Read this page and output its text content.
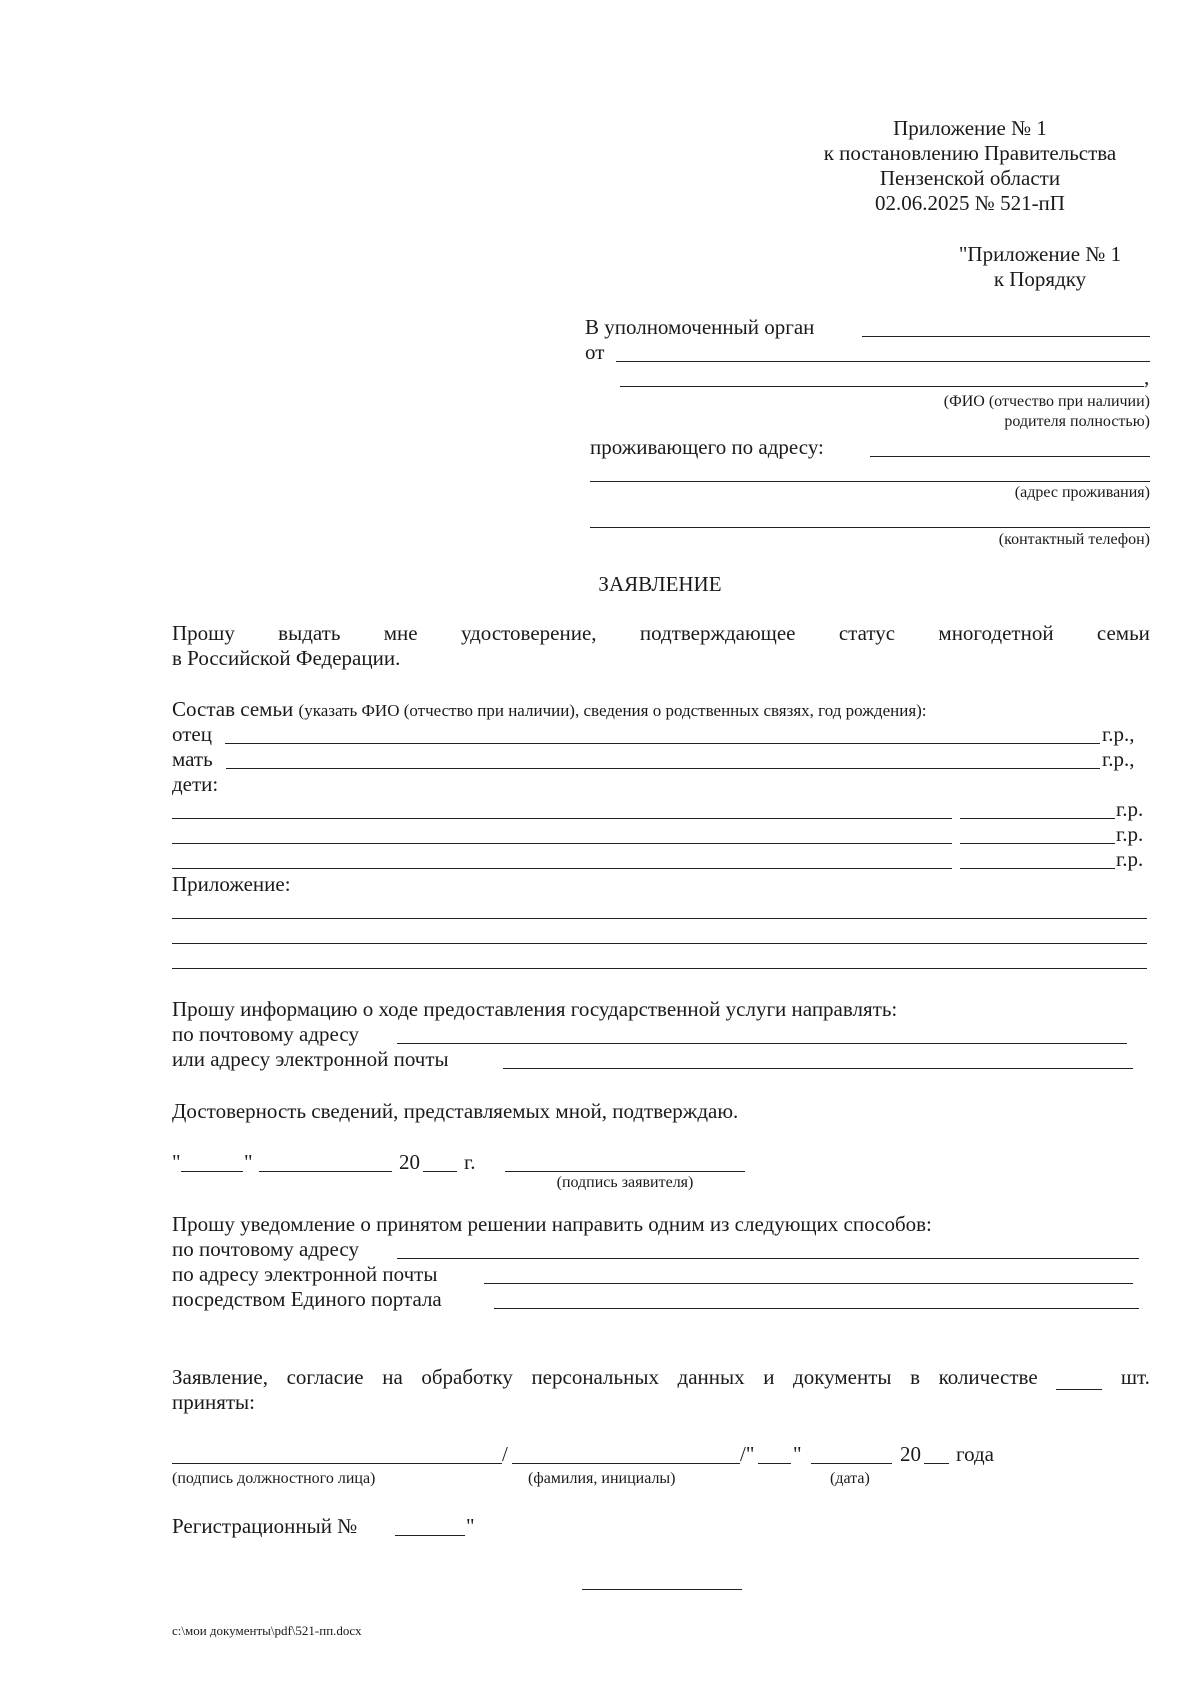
Приложение № 1
к постановлению Правительства
Пензенской области
02.06.2025 № 521-пП
"Приложение № 1
к Порядку
В уполномоченный орган
от
,
(ФИО (отчество при наличии)
родителя полностью)
проживающего по адресу:
(адрес проживания)
(контактный телефон)
ЗАЯВЛЕНИЕ
Прошу выдать мне удостоверение, подтверждающее статус многодетной семьи
в Российской Федерации.
Состав семьи (указать ФИО (отчество при наличии), сведения о родственных связях, год рождения):
отец	г.р.,
мать	г.р.,
дети:
г.р.
г.р.
г.р.
Приложение:
Прошу информацию о ходе предоставления государственной услуги направлять:
по почтовому адресу
или адресу электронной почты
Достоверность сведений, представляемых мной, подтверждаю.
"	"	20 г.
(подпись заявителя)
Прошу уведомление о принятом решении направить одним из следующих способов:
по почтовому адресу
по адресу электронной почты
посредством Единого портала
Заявление, согласие на обработку персональных данных и документы в количестве	шт.
приняты:
/	/" "	20 года
(подпись должностного лица)	(фамилия, инициалы)	(дата)
Регистрационный №	"
c:\мои документы\pdf\521-пп.docx
